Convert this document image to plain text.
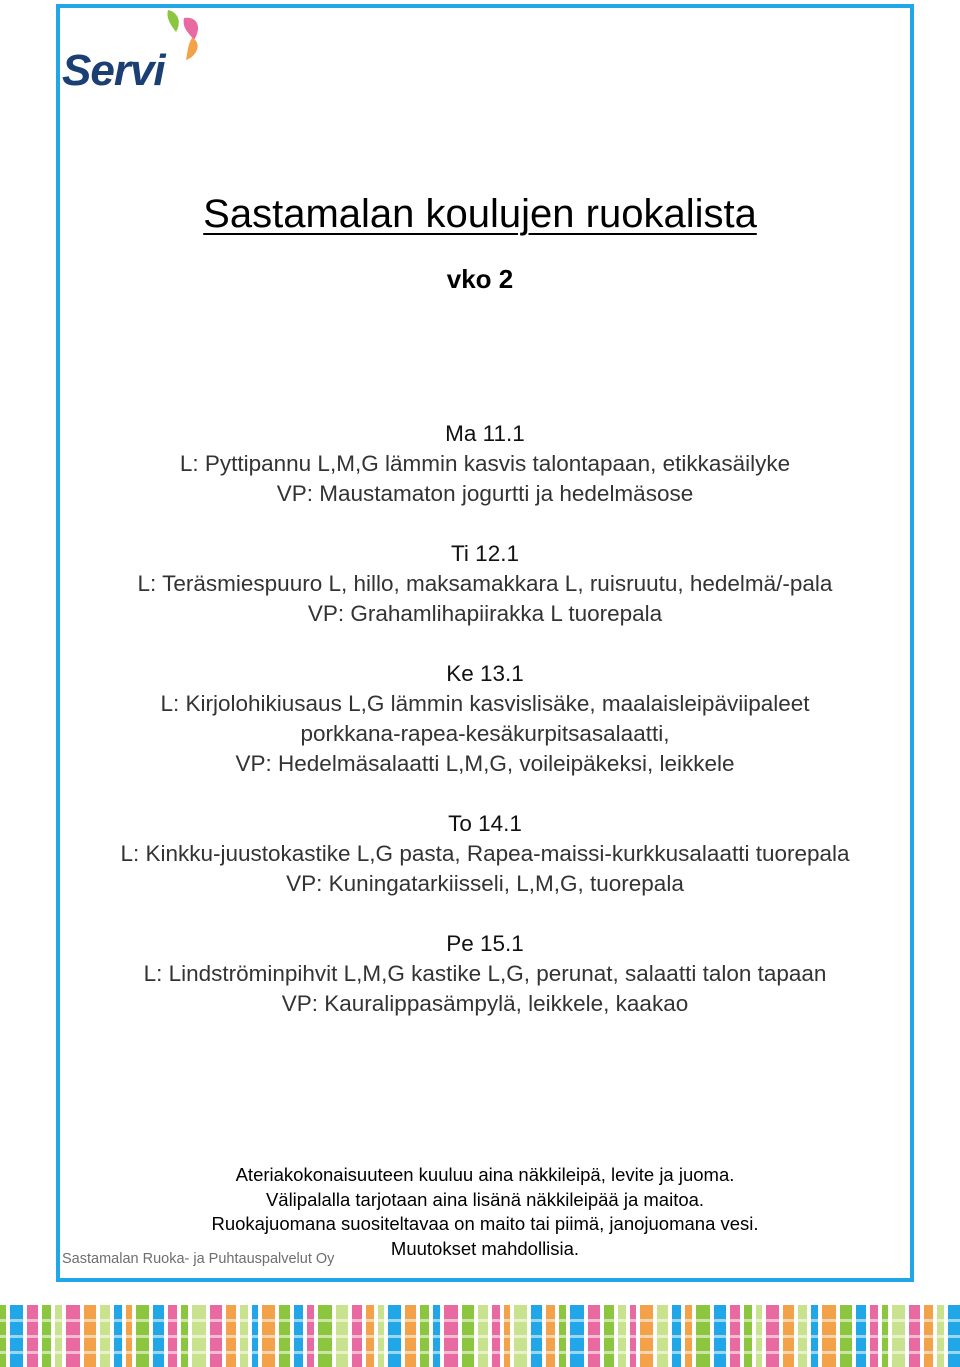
Servi
Sastamalan koulujen ruokalista
vko 2
Ma 11.1
L: Pyttipannu L,M,G lämmin kasvis talontapaan, etikkasäilyke
VP: Maustamaton jogurtti ja hedelmäsose
Ti 12.1
L: Teräsmiespuuro L, hillo, maksamakkara L, ruisruutu, hedelmä/-pala
VP: Grahamlihapiirakka L tuorepala
Ke 13.1
L: Kirjolohikiusaus L,G lämmin kasvislisäke, maalaisleipäviipaleet
porkkana-rapea-kesäkurpitsasalaatti,
VP: Hedelmäsalaatti L,M,G, voileipäkeksi, leikkele
To 14.1
L: Kinkku-juustokastike L,G pasta, Rapea-maissi-kurkkusalaatti tuorepala
VP: Kuningatarkiisseli, L,M,G, tuorepala
Pe 15.1
L: Lindströminpihvit L,M,G kastike L,G, perunat, salaatti talon tapaan
VP: Kauralippasämpylä, leikkele, kaakao
Ateriakokonaisuuteen kuuluu aina näkkileipä, levite ja juoma.
Välipalalla tarjotaan aina lisänä näkkileipää ja maitoa.
Ruokajuomana suositeltavaa on maito tai piimä, janojuomana vesi.
Muutokset mahdollisia.
Sastamalan Ruoka- ja Puhtauspalvelut Oy
